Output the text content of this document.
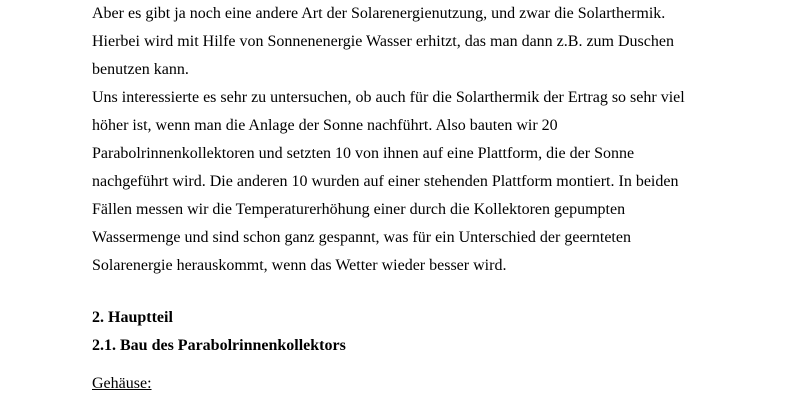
Aber es gibt ja noch eine andere Art der Solarenergienutzung, und zwar die Solarthermik.
Hierbei wird mit Hilfe von Sonnenenergie Wasser erhitzt, das man dann z.B. zum Duschen
benutzen kann.
Uns interessierte es sehr zu untersuchen, ob auch für die Solarthermik der Ertrag so sehr viel
höher ist, wenn man die Anlage der Sonne nachführt. Also bauten wir 20
Parabolrinnenkollektoren und setzten 10 von ihnen auf eine Plattform, die der Sonne
nachgeführt wird. Die anderen 10 wurden auf einer stehenden Plattform montiert. In beiden
Fällen messen wir die Temperaturerhöhung einer durch die Kollektoren gepumpten
Wassermenge und sind schon ganz gespannt, was für ein Unterschied der geernteten
Solarenergie herauskommt, wenn das Wetter wieder besser wird.
2. Hauptteil
2.1. Bau des Parabolrinnenkollektors
Gehäuse:
